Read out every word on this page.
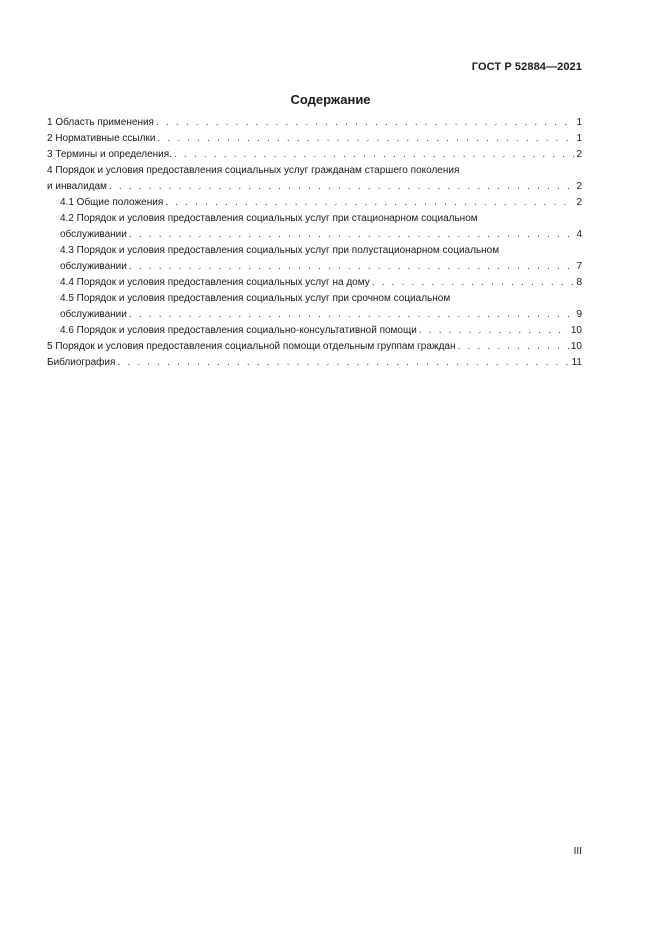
ГОСТ Р 52884—2021
Содержание
1 Область применения . . .	1
2 Нормативные ссылки . . .	1
3 Термины и определения. . . .	2
4 Порядок и условия предоставления социальных услуг гражданам старшего поколения
и инвалидам . . .	2
4.1 Общие положения . . .	2
4.2 Порядок и условия предоставления социальных услуг при стационарном социальном
обслуживании . . .	4
4.3 Порядок и условия предоставления социальных услуг при полустационарном социальном
обслуживании . . .	7
4.4 Порядок и условия предоставления социальных услуг на дому . . .	8
4.5 Порядок и условия предоставления социальных услуг при срочном социальном
обслуживании . . .	9
4.6 Порядок и условия предоставления социально-консультативной помощи . . .	10
5 Порядок и условия предоставления социальной помощи отдельным группам граждан . . .	10
Библиография . . .	11
III
